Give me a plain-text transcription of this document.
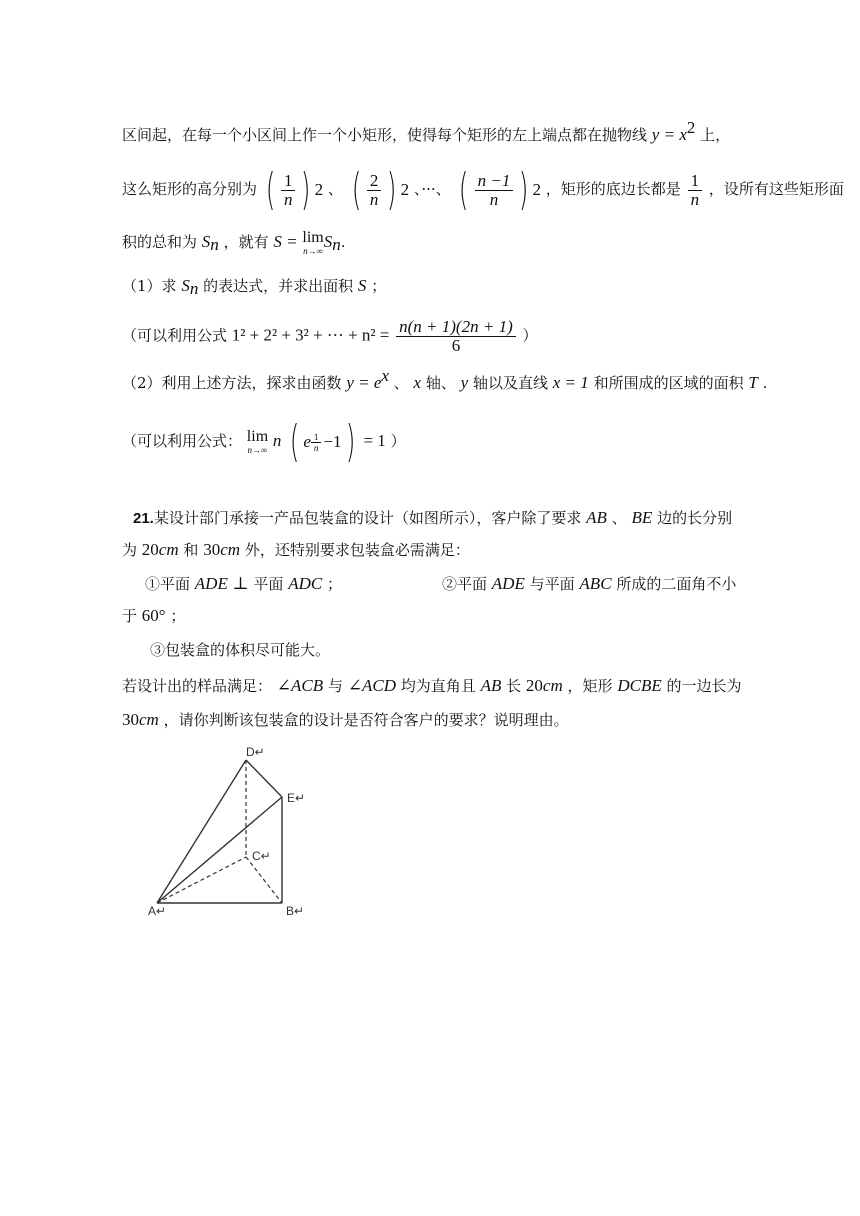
区间起，在每一个小区间上作一个小矩形，使得每个矩形的左上端点都在抛物线 $y = x^2$ 上，
这么矩形的高分别为 ( $\frac{1}{n}$ ) 2 、 ( $\frac{2}{n}$ ) 2 、···、 ( $\frac{n -1}{n}$ ) 2 ，矩形的底边长都是 $\frac{1}{n}$ ，设所有这些矩形面
积的总和为 $S_n$ ，就有 S = lim
n→∞ $S_n$.
（1）求 $S_n$ 的表达式，并求出面积 S ；
（可以利用公式 1² + 2² + 3² + ··· + $n^2 = \frac{n(n + 1)(2n + 1)}{6}$ ）
（2）利用上述方法，探求由函数 $y = e^x$ 、 x 轴、 y 轴以及直线 x = 1 和所围成的区域的面积 T .
（可以利用公式： lim
n→∞ n ( e $\frac{1}{n} -1$ ) = 1 ）
21.某设计部门承接一产品包装盒的设计（如图所示），客户除了要求 AB 、 BE 边的长分别
为 20cm 和 30cm 外，还特别要求包装盒必需满足：
①平面 ADE ⊥ 平面 ADC ；	②平面 ADE 与平面 ABC 所成的二面角不小
于 60° ；
③包装盒的体积尽可能大。
若设计出的样品满足： ∠ACB 与 ∠ACD 均为直角且 AB 长 20cm ，矩形 DCBE 的一边长为
30cm ，请你判断该包装盒的设计是否符合客户的要求？说明理由。
D↵
E↵
C↵
A↵	B↵
